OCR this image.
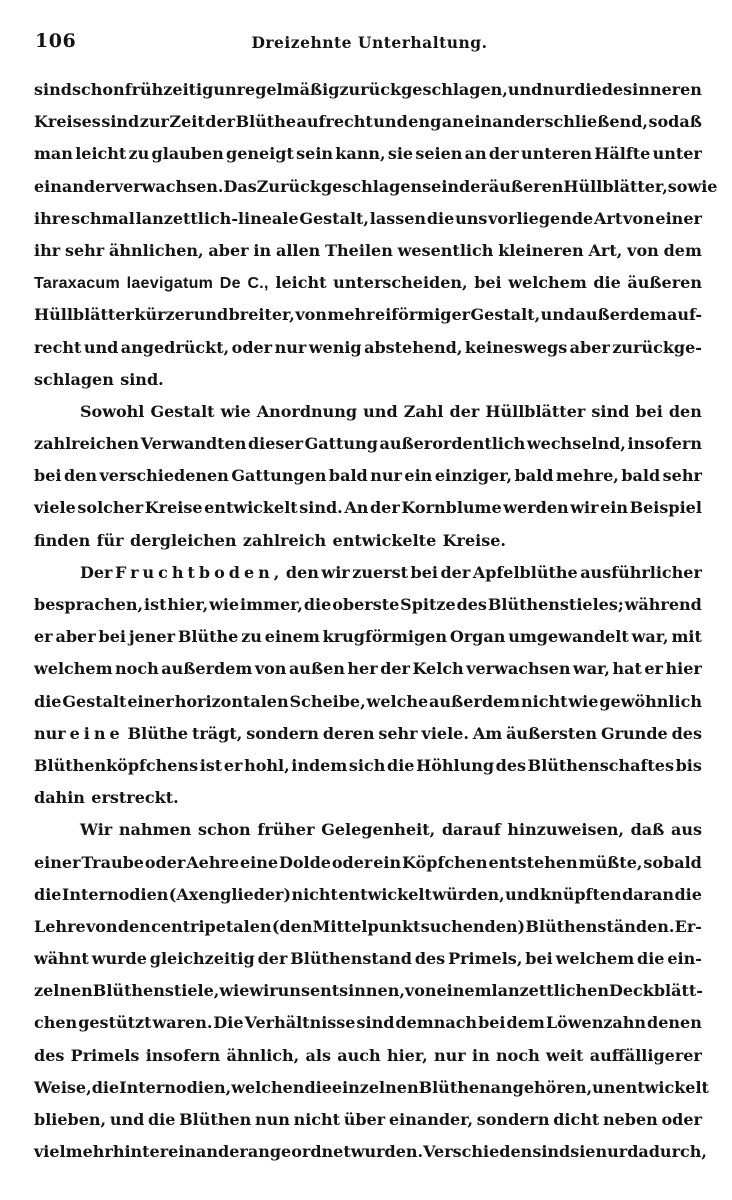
106	Dreizehnte Unterhaltung.
sind schon frühzeitig unregelmäßig zurückgeschlagen, und nur die des inneren
Kreises sind zur Zeit der Blüthe aufrecht und eng an einander schließend, sodaß
man leicht zu glauben geneigt sein kann, sie seien an der unteren Hälfte unter
einander verwachsen. Das Zurückgeschlagensein der äußeren Hüllblätter, sowie
ihre schmal lanzettlich-lineale Gestalt, lassen die uns vorliegende Art von einer
ihr sehr ähnlichen, aber in allen Theilen wesentlich kleineren Art, von dem
Taraxacum laevigatum De C., leicht unterscheiden, bei welchem die äußeren
Hüllblätter kürzer und breiter, von mehr eiförmiger Gestalt, und außerdem auf-
recht und angedrückt, oder nur wenig abstehend, keineswegs aber zurückge-
schlagen sind.
Sowohl Gestalt wie Anordnung und Zahl der Hüllblätter sind bei den
zahlreichen Verwandten dieser Gattung außerordentlich wechselnd, insofern
bei den verschiedenen Gattungen bald nur ein einziger, bald mehre, bald sehr
viele solcher Kreise entwickelt sind. An der Kornblume werden wir ein Beispiel
finden für dergleichen zahlreich entwickelte Kreise.
Der Fruchtboden, den wir zuerst bei der Apfelblüthe ausführlicher
besprachen, ist hier, wie immer, die oberste Spitze des Blüthenstieles; während
er aber bei jener Blüthe zu einem krugförmigen Organ umgewandelt war, mit
welchem noch außerdem von außen her der Kelch verwachsen war, hat er hier
die Gestalt einer horizontalen Scheibe, welche außerdem nicht wie gewöhnlich
nur eine Blüthe trägt, sondern deren sehr viele. Am äußersten Grunde des
Blüthenköpfchens ist er hohl, indem sich die Höhlung des Blüthenschaftes bis
dahin erstreckt.
Wir nahmen schon früher Gelegenheit, darauf hinzuweisen, daß aus
einer Traube oder Aehre eine Dolde oder ein Köpfchen entstehen müßte, sobald
die Internodien (Axenglieder) nicht entwickelt würden, und knüpften daran die
Lehre von den centripetalen (den Mittelpunkt suchenden) Blüthenständen. Er-
wähnt wurde gleichzeitig der Blüthenstand des Primels, bei welchem die ein-
zelnen Blüthenstiele, wie wir uns entsinnen, von einem lanzettlichen Deckblätt-
chen gestützt waren. Die Verhältnisse sind demnach bei dem Löwenzahn denen
des Primels insofern ähnlich, als auch hier, nur in noch weit auffälligerer
Weise, die Internodien, welchen die einzelnen Blüthen angehören, unentwickelt
blieben, und die Blüthen nun nicht über einander, sondern dicht neben oder
vielmehr hinter einander angeordnet wurden. Verschieden sind sie nur dadurch,
